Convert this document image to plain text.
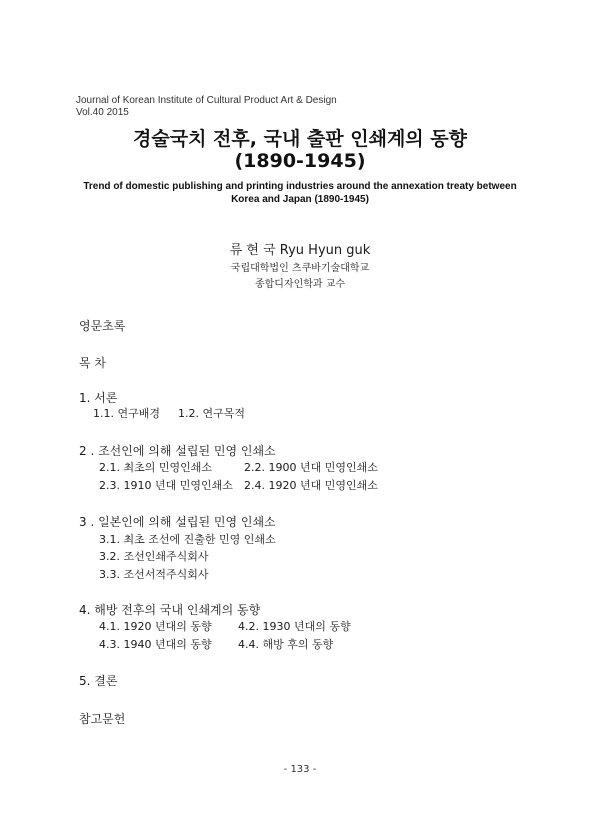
Journal of Korean Institute of Cultural Product Art & Design
Vol.40 2015
경술국치 전후, 국내 출판 인쇄계의 동향
(1890-1945)
Trend of domestic publishing and printing industries around the annexation treaty between
Korea and Japan (1890-1945)
류 현 국 Ryu Hyun guk
국립대학법인 츠쿠바기술대학교
종합디자인학과 교수
영문초록
목 차
1. 서론
1.1. 연구배경 1.2. 연구목적
2 . 조선인에 의해 설립된 민영 인쇄소
2.1. 최초의 민영인쇄소	2.2. 1900 년대 민영인쇄소
2.3. 1910 년대 민영인쇄소 2.4. 1920 년대 민영인쇄소
3 . 일본인에 의해 설립된 민영 인쇄소
3.1. 최초 조선에 진출한 민영 인쇄소
3.2. 조선인쇄주식회사
3.3. 조선서적주식회사
4. 해방 전후의 국내 인쇄계의 동향
4.1. 1920 년대의 동향 4.2. 1930 년대의 동향
4.3. 1940 년대의 동향 4.4. 해방 후의 동향
5. 결론
참고문헌
- 133 -
